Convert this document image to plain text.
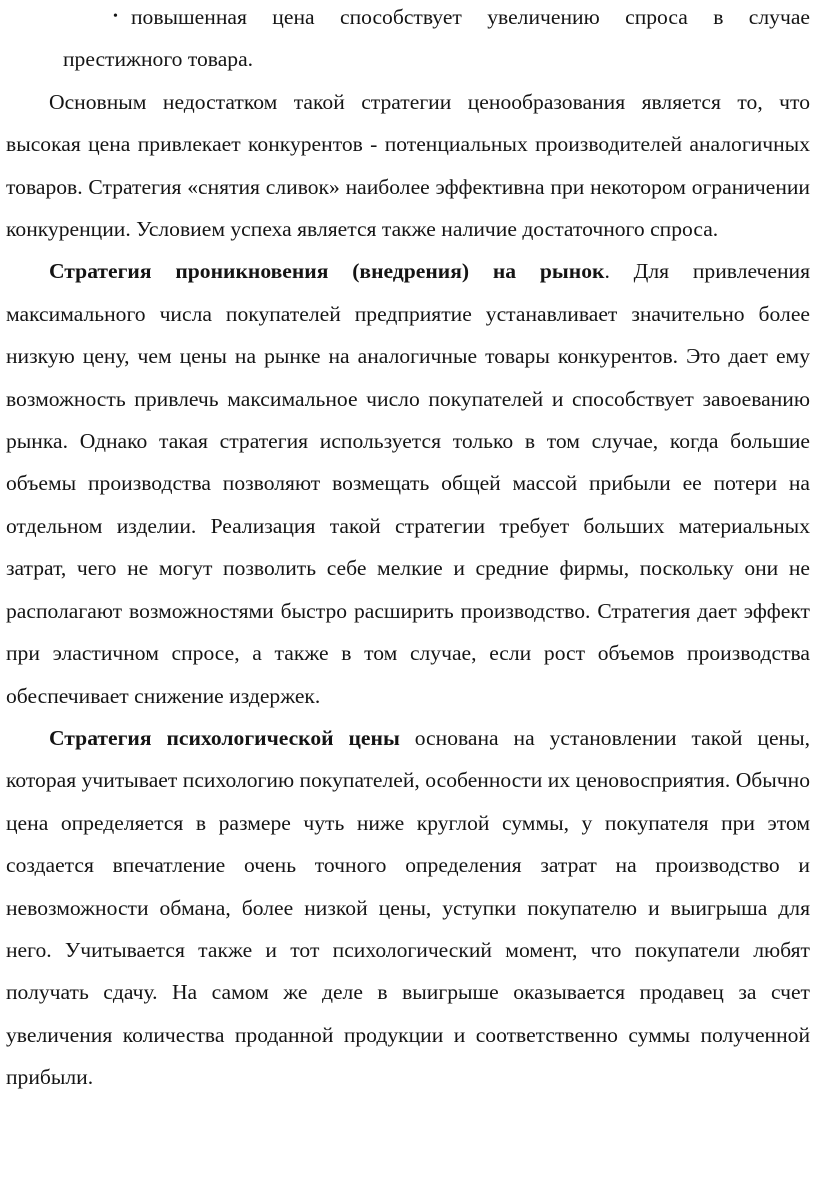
• повышенная цена способствует увеличению спроса в случае престижного товара.

Основным недостатком такой стратегии ценообразования является то, что высокая цена привлекает конкурентов - потенциальных производителей аналогичных товаров. Стратегия «снятия сливок» наиболее эффективна при некотором ограничении конкуренции. Условием успеха является также наличие достаточного спроса.

Стратегия проникновения (внедрения) на рынок. Для привлечения максимального числа покупателей предприятие устанавливает значительно более низкую цену, чем цены на рынке на аналогичные товары конкурентов. Это дает ему возможность привлечь максимальное число покупателей и способствует завоеванию рынка. Однако такая стратегия используется только в том случае, когда большие объемы производства позволяют возмещать общей массой прибыли ее потери на отдельном изделии. Реализация такой стратегии требует больших материальных затрат, чего не могут позволить себе мелкие и средние фирмы, поскольку они не располагают возможностями быстро расширить производство. Стратегия дает эффект при эластичном спросе, а также в том случае, если рост объемов производства обеспечивает снижение издержек.

Стратегия психологической цены основана на установлении такой цены, которая учитывает психологию покупателей, особенности их ценовосприятия. Обычно цена определяется в размере чуть ниже круглой суммы, у покупателя при этом создается впечатление очень точного определения затрат на производство и невозможности обмана, более низкой цены, уступки покупателю и выигрыша для него. Учитывается также и тот психологический момент, что покупатели любят получать сдачу. На самом же деле в выигрыше оказывается продавец за счет увеличения количества проданной продукции и соответственно суммы полученной прибыли.
